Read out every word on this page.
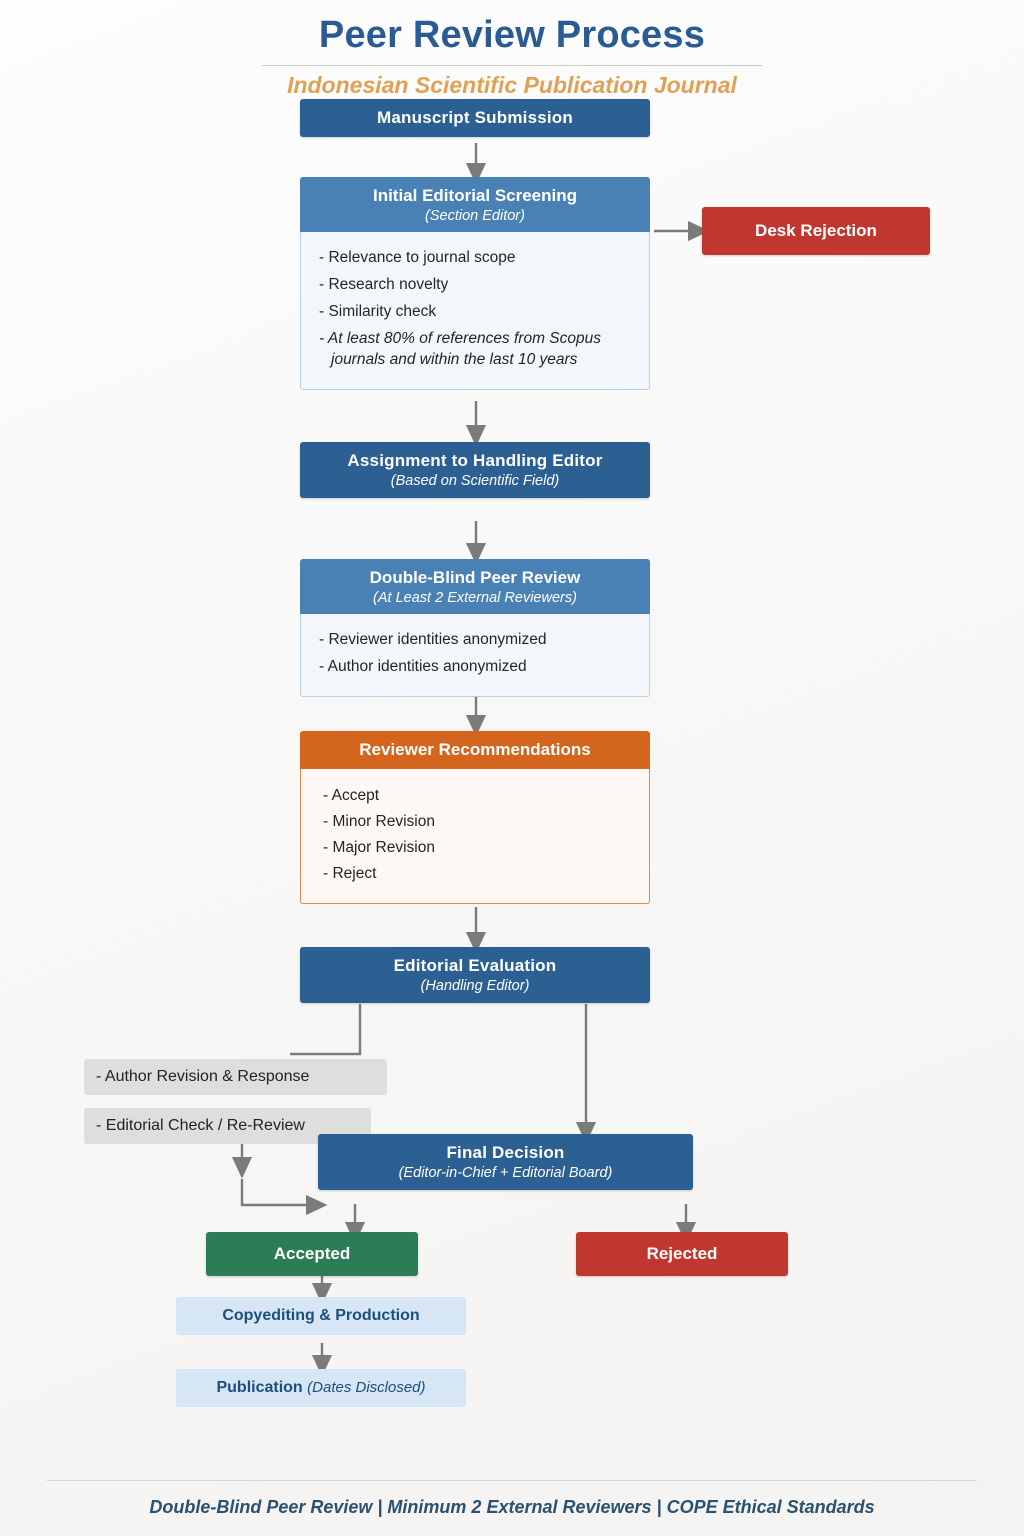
Peer Review Process
Indonesian Scientific Publication Journal
Manuscript Submission
Initial Editorial Screening
(Section Editor)
- Relevance to journal scope
- Research novelty
- Similarity check
- At least 80% of references from Scopus journals and within the last 10 years
Desk Rejection
Assignment to Handling Editor
(Based on Scientific Field)
Double-Blind Peer Review
(At Least 2 External Reviewers)
- Reviewer identities anonymized
- Author identities anonymized
Reviewer Recommendations
- Accept
- Minor Revision
- Major Revision
- Reject
Editorial Evaluation
(Handling Editor)
- Author Revision & Response
- Editorial Check / Re-Review
Final Decision
(Editor-in-Chief + Editorial Board)
Accepted	Rejected
Copyediting & Production
Publication (Dates Disclosed)
Double-Blind Peer Review | Minimum 2 External Reviewers | COPE Ethical Standards
